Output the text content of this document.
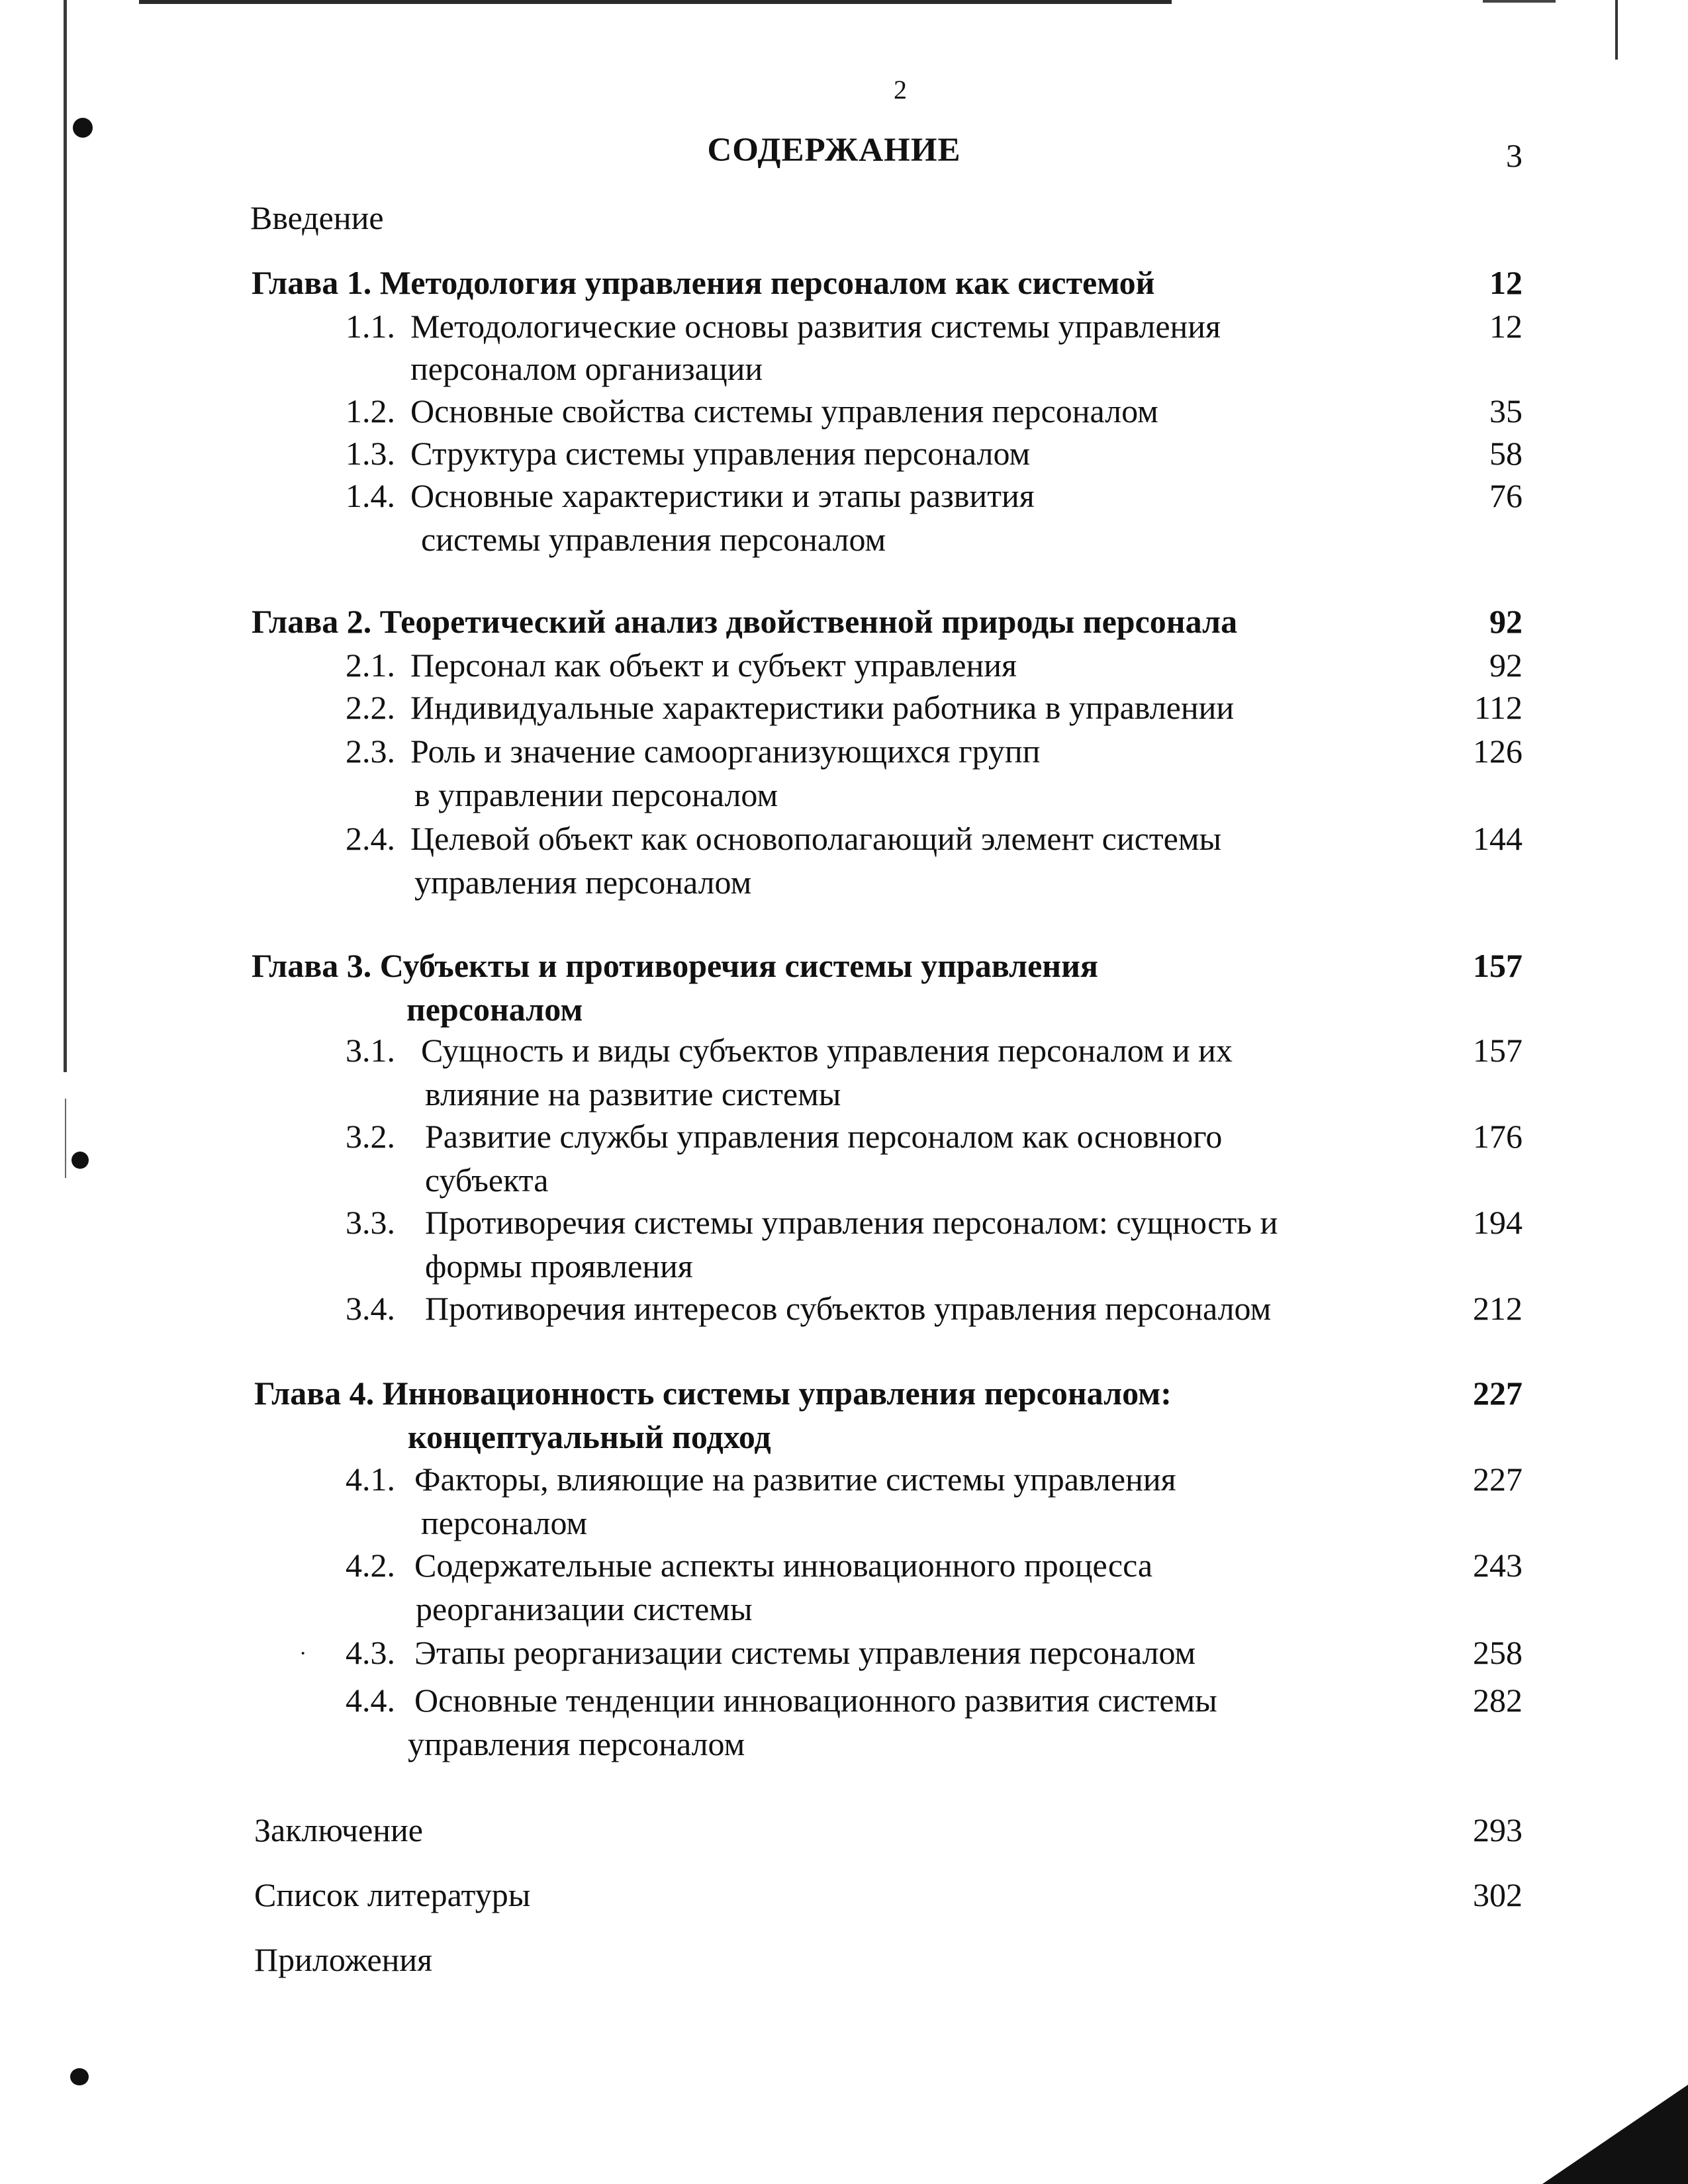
2
СОДЕРЖАНИЕ	3
Введение
Глава 1. Методология управления персоналом как системой	12
1.1. Методологические основы развития системы управления	12
персоналом организации
1.2. Основные свойства системы управления персоналом	35
1.3. Структура системы управления персоналом	58
1.4. Основные характеристики и этапы развития	76
системы управления персоналом
Глава 2. Теоретический анализ двойственной природы персонала	92
2.1. Персонал как объект и субъект управления	92
2.2. Индивидуальные характеристики работника в управлении	112
2.3. Роль и значение самоорганизующихся групп	126
в управлении персоналом
2.4. Целевой объект как основополагающий элемент системы	144
управления персоналом
Глава 3. Субъекты и противоречия системы управления	157
персоналом
3.1. Сущность и виды субъектов управления персоналом и их	157
влияние на развитие системы
3.2. Развитие службы управления персоналом как основного	176
субъекта
3.3. Противоречия системы управления персоналом: сущность и	194
формы проявления
3.4. Противоречия интересов субъектов управления персоналом	212
Глава 4. Инновационность системы управления персоналом:	227
концептуальный подход
4.1. Факторы, влияющие на развитие системы управления	227
персоналом
4.2. Содержательные аспекты инновационного процесса	243
реорганизации системы
· 4.3. Этапы реорганизации системы управления персоналом	258
4.4. Основные тенденции инновационного развития системы	282
управления персоналом
Заключение	293
Список литературы	302
Приложения
